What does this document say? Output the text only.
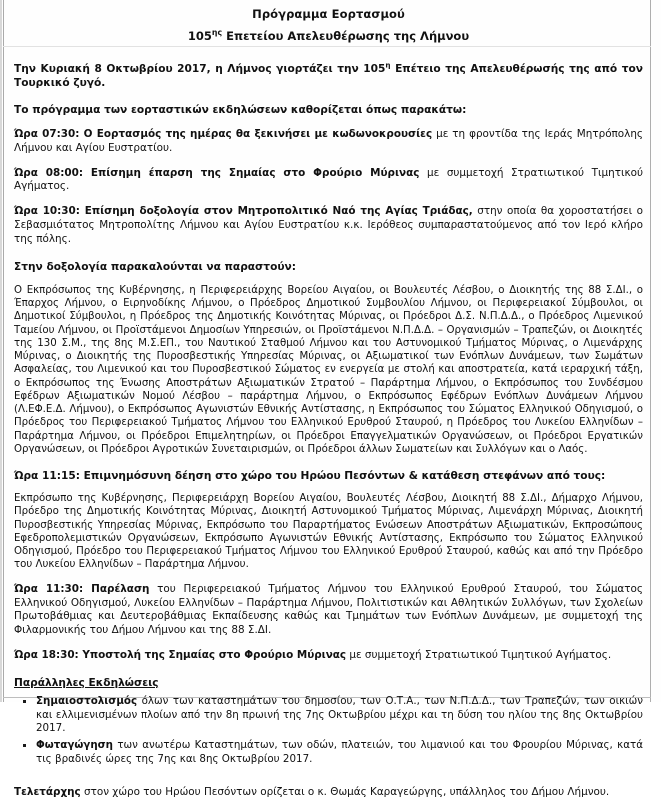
Πρόγραμμα Εορτασμού
$105^{\eta\varsigma}$ Επετείου Απελευθέρωσης της Λήμνου
Την Κυριακή 8 Οκτωβρίου 2017, η Λήμνος γιορτάζει την $105^\eta$ Επέτειο της Απελευθέρωσής της από τον Τουρκικό ζυγό.
Το πρόγραμμα των εορταστικών εκδηλώσεων καθορίζεται όπως παρακάτω:
Ώρα 07:30: Ο Εορτασμός της ημέρας θα ξεκινήσει με κωδωνοκρουσίες με τη φροντίδα της Ιεράς Μητρόπολης Λήμνου και Αγίου Ευστρατίου.
Ώρα 08:00: Επίσημη έπαρση της Σημαίας στο Φρούριο Μύρινας με συμμετοχή Στρατιωτικού Τιμητικού Αγήματος.
Ώρα 10:30: Επίσημη δοξολογία στον Μητροπολιτικό Ναό της Αγίας Τριάδας, στην οποία θα χοροστατήσει ο Σεβασμιότατος Μητροπολίτης Λήμνου και Αγίου Ευστρατίου κ.κ. Ιερόθεος συμπαραστατούμενος από τον Ιερό κλήρο της πόλης.
Στην δοξολογία παρακαλούνται να παραστούν:
Ο Εκπρόσωπος της Κυβέρνησης, η Περιφερειάρχης Βορείου Αιγαίου, οι Βουλευτές Λέσβου, ο Διοικητής της 88 Σ.ΔΙ., ο Έπαρχος Λήμνου, ο Ειρηνοδίκης Λήμνου, ο Πρόεδρος Δημοτικού Συμβουλίου Λήμνου, οι Περιφερειακοί Σύμβουλοι, οι Δημοτικοί Σύμβουλοι, η Πρόεδρος της Δημοτικής Κοινότητας Μύρινας, οι Πρόεδροι Δ.Σ. Ν.Π.Δ.Δ., ο Πρόεδρος Λιμενικού Ταμείου Λήμνου, οι Προϊστάμενοι Δημοσίων Υπηρεσιών, οι Προϊστάμενοι Ν.Π.Δ.Δ. – Οργανισμών – Τραπεζών, οι Διοικητές της 130 Σ.Μ., της 8ης Μ.Σ.ΕΠ., του Ναυτικού Σταθμού Λήμνου και του Αστυνομικού Τμήματος Μύρινας, ο Λιμενάρχης Μύρινας, ο Διοικητής της Πυροσβεστικής Υπηρεσίας Μύρινας, οι Αξιωματικοί των Ενόπλων Δυνάμεων, των Σωμάτων Ασφαλείας, του Λιμενικού και του Πυροσβεστικού Σώματος εν ενεργεία με στολή και αποστρατεία, κατά ιεραρχική τάξη, ο Εκπρόσωπος της Ένωσης Αποστράτων Αξιωματικών Στρατού – Παράρτημα Λήμνου, ο Εκπρόσωπος του Συνδέσμου Εφέδρων Αξιωματικών Νομού Λέσβου – παράρτημα Λήμνου, ο Εκπρόσωπος Εφέδρων Ενόπλων Δυνάμεων Λήμνου (Λ.ΕΦ.Ε.Δ. Λήμνου), ο Εκπρόσωπος Αγωνιστών Εθνικής Αντίστασης, η Εκπρόσωπος του Σώματος Ελληνικού Οδηγισμού, ο Πρόεδρος του Περιφερειακού Τμήματος Λήμνου του Ελληνικού Ερυθρού Σταυρού, η Πρόεδρος του Λυκείου Ελληνίδων – Παράρτημα Λήμνου, οι Πρόεδροι Επιμελητηρίων, οι Πρόεδροι Επαγγελματικών Οργανώσεων, οι Πρόεδροι Εργατικών Οργανώσεων, οι Πρόεδροι Αγροτικών Συνεταιρισμών, οι Πρόεδροι άλλων Σωματείων και Συλλόγων και ο Λαός.
Ώρα 11:15: Επιμνημόσυνη δέηση στο χώρο του Ηρώου Πεσόντων & κατάθεση στεφάνων από τους:
Εκπρόσωπο της Κυβέρνησης, Περιφερειάρχη Βορείου Αιγαίου, Βουλευτές Λέσβου, Διοικητή 88 Σ.ΔΙ., Δήμαρχο Λήμνου, Πρόεδρο της Δημοτικής Κοινότητας Μύρινας, Διοικητή Αστυνομικού Τμήματος Μύρινας, Λιμενάρχη Μύρινας, Διοικητή Πυροσβεστικής Υπηρεσίας Μύρινας, Εκπρόσωπο του Παραρτήματος Ενώσεων Αποστράτων Αξιωματικών, Εκπροσώπους Εφεδροπολεμιστικών Οργανώσεων, Εκπρόσωπο Αγωνιστών Εθνικής Αντίστασης, Εκπρόσωπο του Σώματος Ελληνικού Οδηγισμού, Πρόεδρο του Περιφερειακού Τμήματος Λήμνου του Ελληνικού Ερυθρού Σταυρού, καθώς και από την Πρόεδρο του Λυκείου Ελληνίδων – Παράρτημα Λήμνου.
Ώρα 11:30: Παρέλαση του Περιφερειακού Τμήματος Λήμνου του Ελληνικού Ερυθρού Σταυρού, του Σώματος Ελληνικού Οδηγισμού, Λυκείου Ελληνίδων – Παράρτημα Λήμνου, Πολιτιστικών και Αθλητικών Συλλόγων, των Σχολείων Πρωτοβάθμιας και Δευτεροβάθμιας Εκπαίδευσης καθώς και Τμημάτων των Ενόπλων Δυνάμεων, με συμμετοχή της Φιλαρμονικής του Δήμου Λήμνου και της 88 Σ.ΔΙ.
Ώρα 18:30: Υποστολή της Σημαίας στο Φρούριο Μύρινας με συμμετοχή Στρατιωτικού Τιμητικού Αγήματος.
Παράλληλες Εκδηλώσεις
Σημαιοστολισμός όλων των καταστημάτων του δημοσίου, των Ο.Τ.Α., των Ν.Π.Δ.Δ., των Τραπεζών, των οικιών και ελλιμενισμένων πλοίων από την 8η πρωινή της 7ης Οκτωβρίου μέχρι και τη δύση του ηλίου της 8ης Οκτωβρίου 2017.
Φωταγώγηση των ανωτέρω Καταστημάτων, των οδών, πλατειών, του λιμανιού και του Φρουρίου Μύρινας, κατά τις βραδινές ώρες της 7ης και 8ης Οκτωβρίου 2017.
Τελετάρχης στον χώρο του Ηρώου Πεσόντων ορίζεται ο κ. Θωμάς Καραγεώργης, υπάλληλος του Δήμου Λήμνου.
